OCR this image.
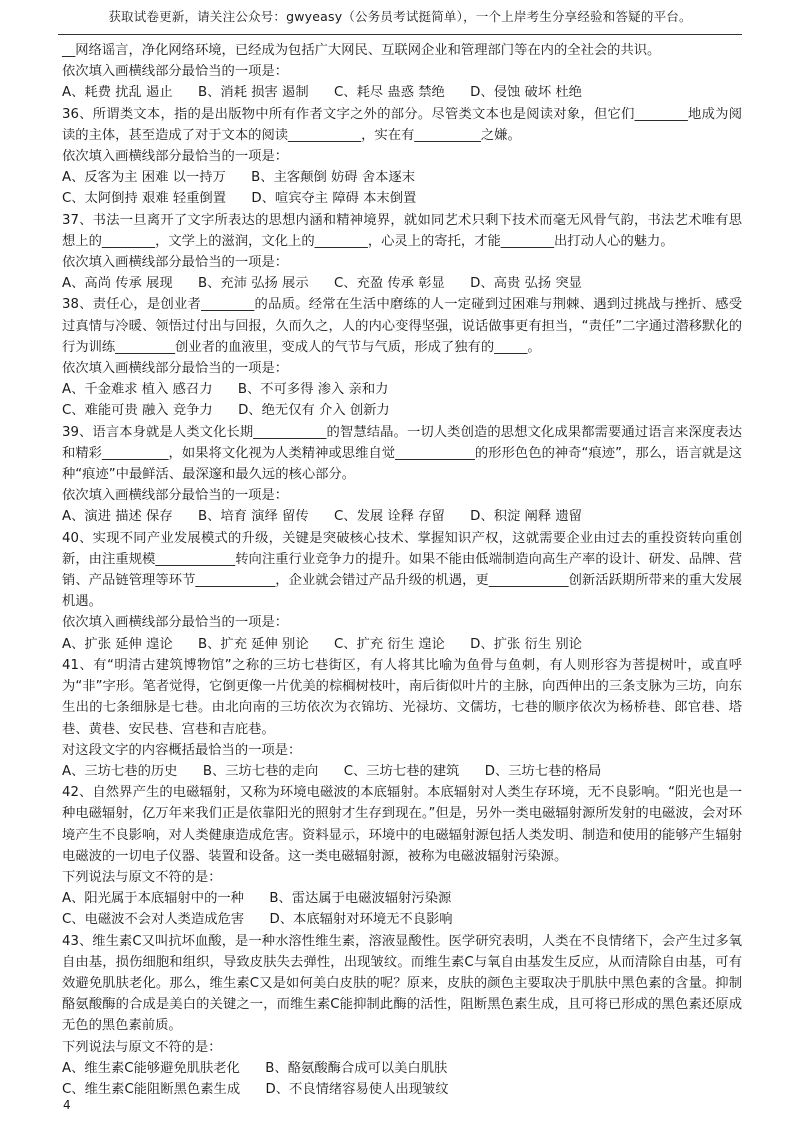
获取试卷更新，请关注公众号：gwyeasy（公务员考试挺简单），一个上岸考生分享经验和答疑的平台。

__网络谣言，净化网络环境，已经成为包括广大网民、互联网企业和管理部门等在内的全社会的共识。

依次填入画横线部分最恰当的一项是：

A、耗费 扰乱 遏止      B、消耗 损害 遏制      C、耗尽 蛊惑 禁绝      D、侵蚀 破坏 杜绝

36、所谓类文本，指的是出版物中所有作者文字之外的部分。尽管类文本也是阅读对象，但它们________地成为阅读的主体，甚至造成了对于文本的阅读___________，实在有__________之嫌。

依次填入画横线部分最恰当的一项是：

A、反客为主 困难 以一持万      B、主客颠倒 妨碍 舍本逐末

C、太阿倒持 艰难 轻重倒置      D、喧宾夺主 障碍 本末倒置

37、书法一旦离开了文字所表达的思想内涵和精神境界，就如同艺术只剩下技术而毫无风骨气韵，书法艺术唯有思想上的________，文学上的滋润，文化上的________，心灵上的寄托，才能________出打动人心的魅力。

依次填入画横线部分最恰当的一项是：

A、高尚 传承 展现      B、充沛 弘扬 展示      C、充盈 传承 彰显      D、高贵 弘扬 突显

38、责任心，是创业者________的品质。经常在生活中磨练的人一定碰到过困难与荆棘、遇到过挑战与挫折、感受过真情与冷暖、领悟过付出与回报，久而久之，人的内心变得坚强，说话做事更有担当，“责任”二字通过潜移默化的行为训练_________创业者的血液里，变成人的气节与气质，形成了独有的_____。

依次填入画横线部分最恰当的一项是：

A、千金难求 植入 感召力      B、不可多得 渗入 亲和力

C、难能可贵 融入 竞争力      D、绝无仅有 介入 创新力

39、语言本身就是人类文化长期___________的智慧结晶。一切人类创造的思想文化成果都需要通过语言来深度表达和精彩__________，如果将文化视为人类精神或思维自觉____________的形形色色的神奇“痕迹”，那么，语言就是这种“痕迹”中最鲜活、最深邃和最久远的核心部分。

依次填入画横线部分最恰当的一项是：

A、演进 描述 保存      B、培育 演绎 留传      C、发展 诠释 存留      D、积淀 阐释 遗留

40、实现不同产业发展模式的升级，关键是突破核心技术、掌握知识产权，这就需要企业由过去的重投资转向重创新，由注重规模____________转向注重行业竞争力的提升。如果不能由低端制造向高生产率的设计、研发、品牌、营销、产品链管理等环节____________，企业就会错过产品升级的机遇，更____________创新活跃期所带来的重大发展机遇。

依次填入画横线部分最恰当的一项是：

A、扩张 延伸 遑论      B、扩充 延伸 别论      C、扩充 衍生 遑论      D、扩张 衍生 别论

41、有“明清古建筑博物馆”之称的三坊七巷街区，有人将其比喻为鱼骨与鱼刺，有人则形容为菩提树叶，或直呼为“非”字形。笔者觉得，它倒更像一片优美的棕榈树枝叶，南后街似叶片的主脉，向西伸出的三条支脉为三坊，向东生出的七条细脉是七巷。由北向南的三坊依次为衣锦坊、光禄坊、文儒坊，七巷的顺序依次为杨桥巷、郎官巷、塔巷、黄巷、安民巷、宫巷和吉庇巷。

对这段文字的内容概括最恰当的一项是：

A、三坊七巷的历史      B、三坊七巷的走向      C、三坊七巷的建筑      D、三坊七巷的格局

42、自然界产生的电磁辐射，又称为环境电磁波的本底辐射。本底辐射对人类生存环境，无不良影响。“阳光也是一种电磁辐射，亿万年来我们正是依靠阳光的照射才生存到现在。”但是，另外一类电磁辐射源所发射的电磁波，会对环境产生不良影响，对人类健康造成危害。资料显示，环境中的电磁辐射源包括人类发明、制造和使用的能够产生辐射电磁波的一切电子仪器、装置和设备。这一类电磁辐射源，被称为电磁波辐射污染源。

下列说法与原文不符的是：

A、阳光属于本底辐射中的一种      B、雷达属于电磁波辐射污染源

C、电磁波不会对人类造成危害      D、本底辐射对环境无不良影响

43、维生素C又叫抗坏血酸，是一种水溶性维生素，溶液显酸性。医学研究表明，人类在不良情绪下，会产生过多氧自由基，损伤细胞和组织，导致皮肤失去弹性，出现皱纹。而维生素C与氧自由基发生反应，从而清除自由基，可有效避免肌肤老化。那么，维生素C又是如何美白皮肤的呢？原来，皮肤的颜色主要取决于肌肤中黑色素的含量。抑制酪氨酸酶的合成是美白的关键之一，而维生素C能抑制此酶的活性，阻断黑色素生成，且可将已形成的黑色素还原成无色的黑色素前质。

下列说法与原文不符的是：

A、维生素C能够避免肌肤老化      B、酪氨酸酶合成可以美白肌肤

C、维生素C能阻断黑色素生成      D、不良情绪容易使人出现皱纹

4
